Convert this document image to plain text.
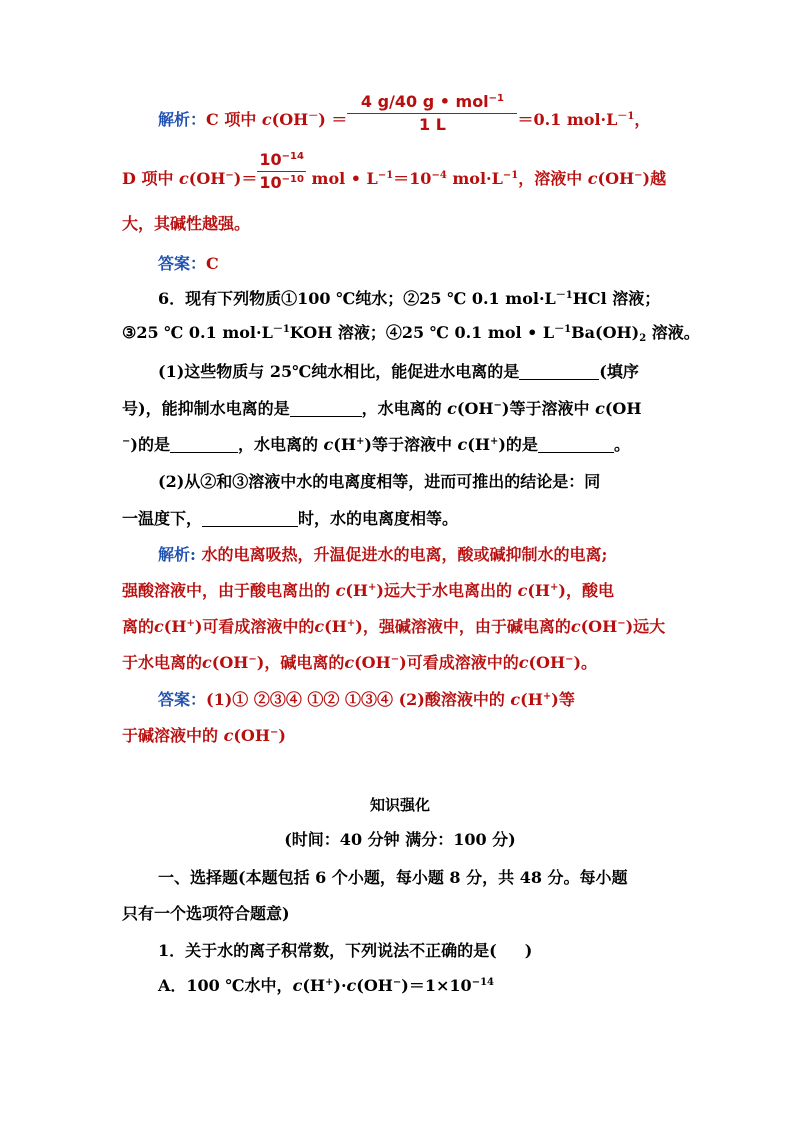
解析：C 项中 $c(OH^-) = \frac{4 g/40 g • mol^{-1}}{1 L} =0.1$ $mol\cdot L^{-1}$，
D 项中 $c(OH^-)= \frac{10^{-14}}{10^{-10}}$ mol • $L^{-1}=10^{-4}$ $mol\cdot L^{-1}$，溶液中 c(OH−)越
大，其碱性越强。
答案：C
6．现有下列物质①100 ℃纯水；②25 ℃ 0.1 $mol\cdot L^{-1}HCl$ 溶液；
③25 ℃ 0.1 $mol\cdot L^{-1}KOH$ 溶液；④25 ℃ 0.1 mol • $L^{-1}Ba(OH)_2$ 溶液。
(1)这些物质与 25℃纯水相比，能促进水电离的是	(填序
号)，能抑制水电离的是	，水电离的 c(OH−)等于溶液中 c(OH
−)的是	，水电离的 c(H+)等于溶液中 c(H+)的是	。
(2)从②和③溶液中水的电离度相等，进而可推出的结论是：同
一温度下，	时，水的电离度相等。
解析: 水的电离吸热，升温促进水的电离，酸或碱抑制水的电离;
强酸溶液中，由于酸电离出的 c(H+)远大于水电离出的 c(H+)，酸电
离的c(H+)可看成溶液中的c(H+)，强碱溶液中，由于碱电离的c(OH−)远大
于水电离的c(OH−)，碱电离的c(OH−)可看成溶液中的c(OH−)。
答案：(1)① ②③④ ①② ①③④ (2)酸溶液中的 c(H+)等
于碱溶液中的 c(OH−)
知识强化
(时间：40 分钟 满分：100 分)
一、选择题(本题包括 6 个小题，每小题 8 分，共 48 分。每小题
只有一个选项符合题意)
1．关于水的离子积常数，下列说法不正确的是( )
A．100 ℃水中，$c(H^+)\cdot c(OH^-)=1\times 10^{-14}$
